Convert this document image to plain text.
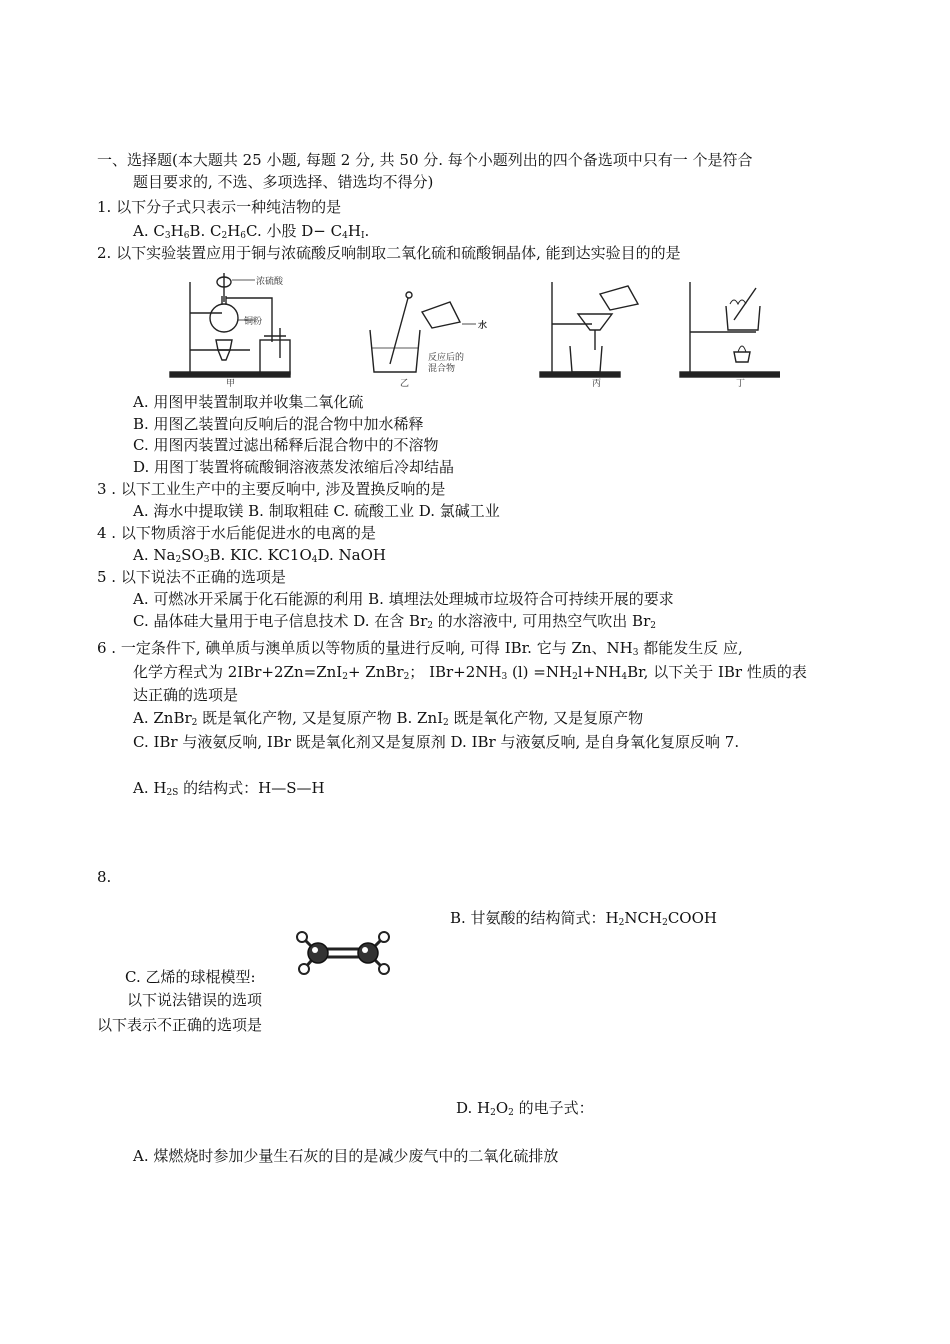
一、选择题(本大题共 25 小题, 每题 2 分, 共 50 分. 每个小题列出的四个备选项中只有一 个是符合
题目要求的, 不选、多项选择、错选均不得分)
1. 以下分子式只表示一种纯洁物的是
A. $C_3H_6B$. $C_2H_6C$. 小股 $D- C_4H_I$.
2. 以下实验装置应用于铜与浓硫酸反响制取二氧化硫和硫酸铜晶体, 能到达实验目的的是
浓硫酸
铜粉
甲
水
反应后的
混合物
乙	丙	丁
A. 用图甲装置制取并收集二氧化硫
B. 用图乙装置向反响后的混合物中加水稀释
C. 用图丙装置过滤出稀释后混合物中的不溶物
D. 用图丁装置将硫酸铜溶液蒸发浓缩后冷却结晶
3 . 以下工业生产中的主要反响中, 涉及置换反响的是
A. 海水中提取镁 B. 制取粗硅 C. 硫酸工业 D. 氯碱工业
4 . 以下物质溶于水后能促进水的电离的是
A. $Na_2SO_3B$. KIC. $KC1O_4D$. NaOH
5 . 以下说法不正确的选项是
A. 可燃冰开采属于化石能源的利用 B. 填埋法处理城市垃圾符合可持续开展的要求
C. 晶体硅大量用于电子信息技术 D. 在含 $Br_2$ 的水溶液中, 可用热空气吹出 $Br_2$
6 . 一定条件下, 碘单质与澳单质以等物质的量进行反响, 可得 IBr. 它与 Zn、$NH_3$ 都能发生反 应,
化学方程式为 2IBr+2Zn=ZnI$_2$+ ZnBr$_2$； $IBr+2NH_3$ $(l) =NH_2l+NH_4Br$, 以下关于 IBr 性质的表
达正确的选项是
A. ZnBr$_2$ 既是氧化产物, 又是复原产物 B. ZnI$_2$ 既是氧化产物, 又是复原产物
C. IBr 与液氨反响, IBr 既是氧化剂又是复原剂 D. IBr 与液氨反响, 是自身氧化复原反响 7.
A. $H_{2S}$ 的结构式：H—S—H
8.
B. 甘氨酸的结构简式：$H_2NCH_2COOH$
C. 乙烯的球棍模型:
以下说法错误的选项
以下表示不正确的选项是
D. $H_2O_2$ 的电子式：
A. 煤燃烧时参加少量生石灰的目的是减少废气中的二氧化硫排放
